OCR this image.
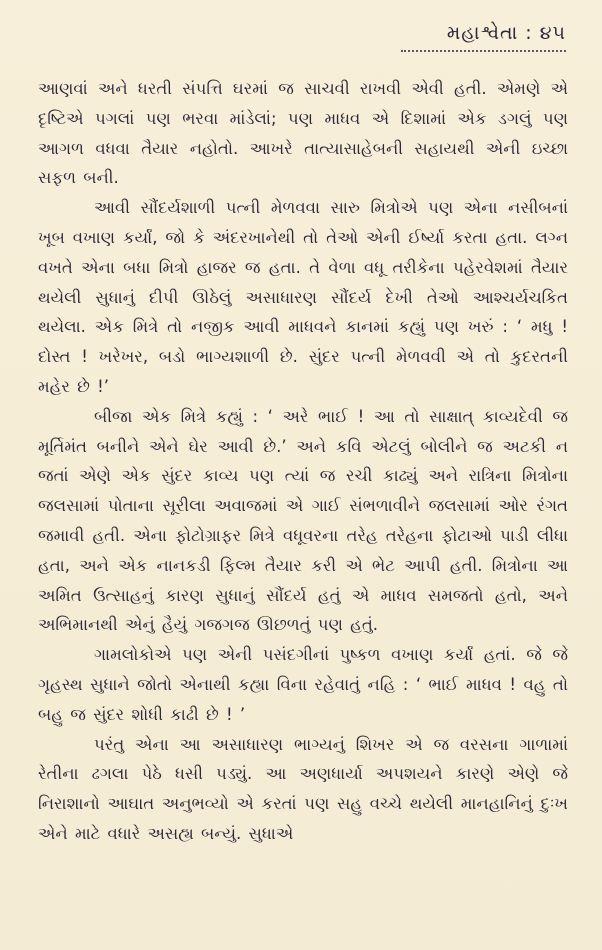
મહાશ્વેતા : ૪૫

આણવાં અને ધરતી સંપત્તિ ઘરમાં જ સાચવી રાખવી એવી હતી. એમણે એ દૃષ્ટિએ પગલાં પણ ભરવા માંડેલાં; પણ માધવ એ દિશામાં એક ડગલું પણ આગળ વધવા તૈયાર નહોતો. આખરે તાત્યાસાહેબની સહાયથી એની ઇચ્છા સફળ બની.

આવી સૌંદર્યશાળી પત્ની મેળવવા સારુ મિત્રોએ પણ એના નસીબનાં ખૂબ વખાણ કર્યાં, જો કે અંદરખાનેથી તો તેઓ એની ઈર્ષ્યા કરતા હતા. લગ્ન વખતે એના બધા મિત્રો હાજર જ હતા. તે વેળા વધૂ તરીકેના પહેરવેશમાં તૈયાર થયેલી સુધાનું દીપી ઊઠેલું અસાધારણ સૌંદર્ય દેખી તેઓ આશ્ચર્યચકિત થયેલા. એક મિત્રે તો નજીક આવી માધવને કાનમાં કહ્યું પણ ખરું : ‘ મધુ ! દોસ્ત ! ખરેખર, બડો ભાગ્યશાળી છે. સુંદર પત્ની મેળવવી એ તો કુદરતની મહેર છે !’

બીજા એક મિત્રે કહ્યું : ‘ અરે ભાઈ ! આ તો સાક્ષાત્ કાવ્યદેવી જ મૂર્તિમંત બનીને એને ઘેર આવી છે.’ અને કવિ એટલું બોલીને જ અટકી ન જતાં એણે એક સુંદર કાવ્ય પણ ત્યાં જ રચી કાઢ્યું અને રાત્રિના મિત્રોના જલસામાં પોતાના સૂરીલા અવાજમાં એ ગાઈ સંભળાવીને જલસામાં ઓર રંગત જમાવી હતી. એના ફોટોગ્રાફર મિત્રે વધૂવરના તરેહ તરેહના ફોટાઓ પાડી લીધા હતા, અને એક નાનકડી ફિલ્મ તૈયાર કરી એ ભેટ આપી હતી. મિત્રોના આ અમિત ઉત્સાહનું કારણ સુધાનું સૌંદર્ય હતું એ માધવ સમજતો હતો, અને અભિમાનથી એનું હૈયું ગજગજ ઊછળતું પણ હતું.

ગામલોકોએ પણ એની પસંદગીનાં પુષ્કળ વખાણ કર્યાં હતાં. જે જે ગૃહસ્થ સુધાને જોતો એનાથી કહ્યા વિના રહેવાતું નહિ : ‘ ભાઈ માધવ ! વહુ તો બહુ જ સુંદર શોધી કાઢી છે ! ’

પરંતુ એના આ અસાધારણ ભાગ્યનું શિખર એ જ વરસના ગાળામાં રેતીના ઢગલા પેઠે ધસી પડ્યું. આ અણધાર્યા અપશયને કારણે એણે જે નિરાશાનો આઘાત અનુભવ્યો એ કરતાં પણ સહુ વચ્ચે થયેલી માનહાનિનું દુઃખ એને માટે વધારે અસહ્ય બન્યું. સુધાએ
